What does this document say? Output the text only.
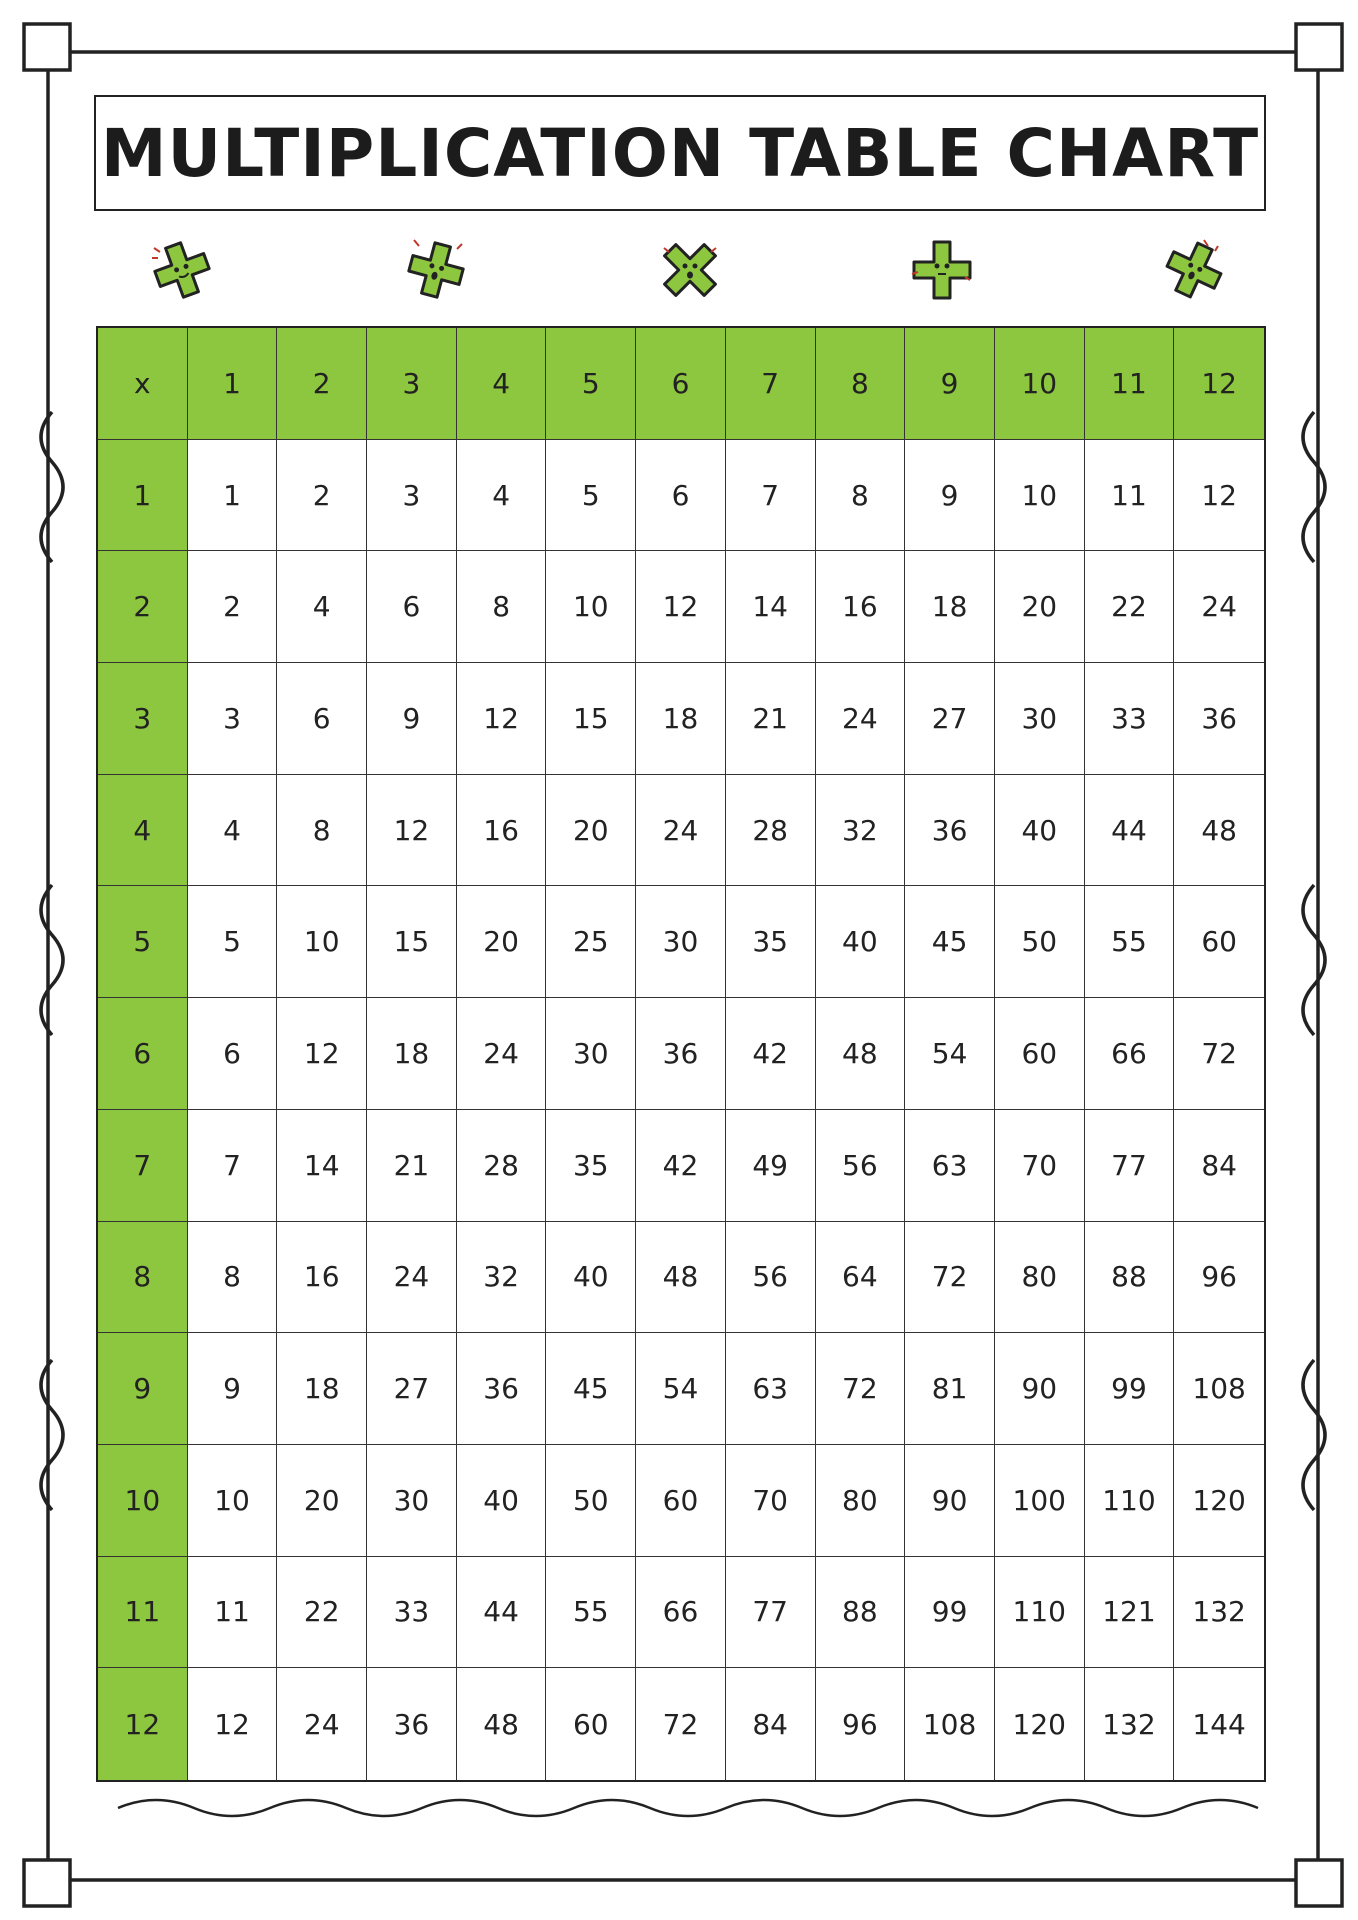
MULTIPLICATION TABLE CHART
x	1	2	3	4	5	6	7	8	9	10	11	12
1	1	2	3	4	5	6	7	8	9	10	11	12
2	2	4	6	8	10	12	14	16	18	20	22	24
3	3	6	9	12	15	18	21	24	27	30	33	36
4	4	8	12	16	20	24	28	32	36	40	44	48
5	5	10	15	20	25	30	35	40	45	50	55	60
6	6	12	18	24	30	36	42	48	54	60	66	72
7	7	14	21	28	35	42	49	56	63	70	77	84
8	8	16	24	32	40	48	56	64	72	80	88	96
9	9	18	27	36	45	54	63	72	81	90	99	108
10	10	20	30	40	50	60	70	80	90	100	110	120
11	11	22	33	44	55	66	77	88	99	110	121	132
12	12	24	36	48	60	72	84	96	108	120	132	144
